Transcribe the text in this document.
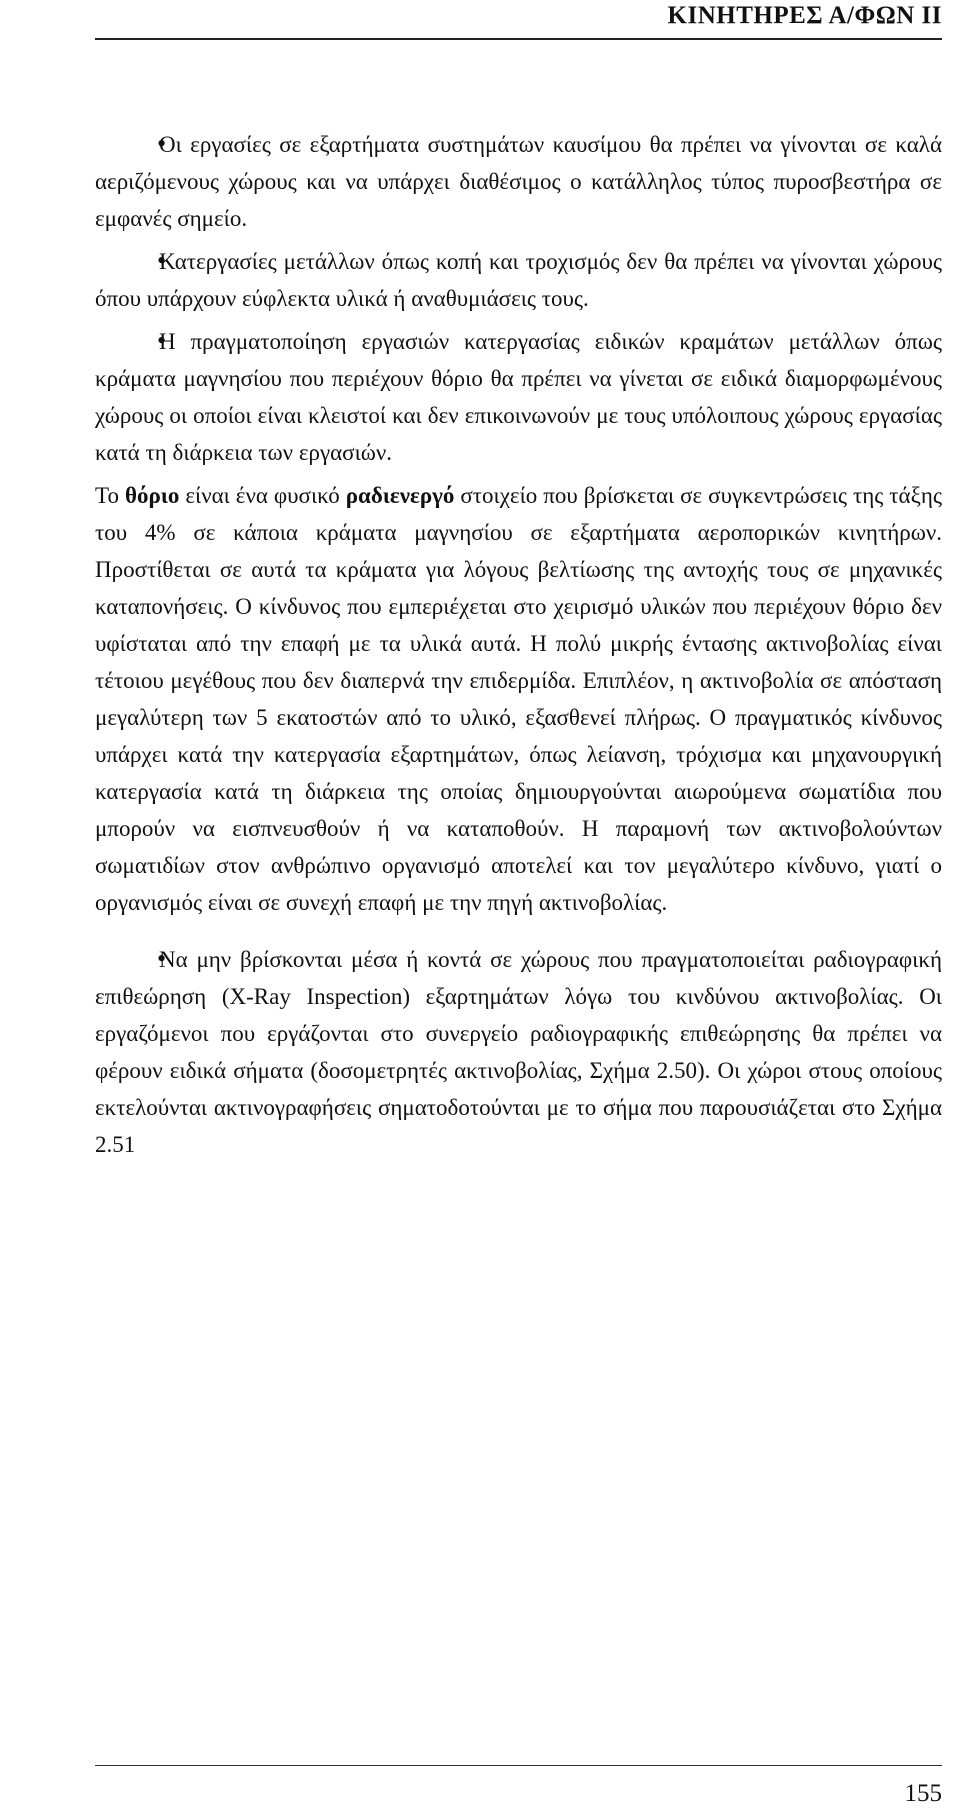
ΚΙΝΗΤΗΡΕΣ Α/ΦΩΝ ΙΙ

• Οι εργασίες σε εξαρτήματα συστημάτων καυσίμου θα πρέπει να γίνονται σε καλά αεριζόμενους χώρους και να υπάρχει διαθέσιμος ο κατάλληλος τύπος πυροσβεστήρα σε εμφανές σημείο.

• Κατεργασίες μετάλλων όπως κοπή και τροχισμός δεν θα πρέπει να γίνονται χώρους όπου υπάρχουν εύφλεκτα υλικά ή αναθυμιάσεις τους.

• Η πραγματοποίηση εργασιών κατεργασίας ειδικών κραμάτων μετάλλων όπως κράματα μαγνησίου που περιέχουν θόριο θα πρέπει να γίνεται σε ειδικά διαμορφωμένους χώρους οι οποίοι είναι κλειστοί και δεν επικοινωνούν με τους υπόλοιπους χώρους εργασίας κατά τη διάρκεια των εργασιών.

Το θόριο είναι ένα φυσικό ραδιενεργό στοιχείο που βρίσκεται σε συγκεντρώσεις της τάξης του 4% σε κάποια κράματα μαγνησίου σε εξαρτήματα αεροπορικών κινητήρων. Προστίθεται σε αυτά τα κράματα για λόγους βελτίωσης της αντοχής τους σε μηχανικές καταπονήσεις. Ο κίνδυνος που εμπεριέχεται στο χειρισμό υλικών που περιέχουν θόριο δεν υφίσταται από την επαφή με τα υλικά αυτά. Η πολύ μικρής έντασης ακτινοβολίας είναι τέτοιου μεγέθους που δεν διαπερνά την επιδερμίδα. Επιπλέον, η ακτινοβολία σε απόσταση μεγαλύτερη των 5 εκατοστών από το υλικό, εξασθενεί πλήρως. Ο πραγματικός κίνδυνος υπάρχει κατά την κατεργασία εξαρτημάτων, όπως λείανση, τρόχισμα και μηχανουργική κατεργασία κατά τη διάρκεια της οποίας δημιουργούνται αιωρούμενα σωματίδια που μπορούν να εισπνευσθούν ή να καταποθούν. Η παραμονή των ακτινοβολούντων σωματιδίων στον ανθρώπινο οργανισμό αποτελεί και τον μεγαλύτερο κίνδυνο, γιατί ο οργανισμός είναι σε συνεχή επαφή με την πηγή ακτινοβολίας.

• Να μην βρίσκονται μέσα ή κοντά σε χώρους που πραγματοποιείται ραδιογραφική επιθεώρηση (X-Ray Inspection) εξαρτημάτων λόγω του κινδύνου ακτινοβολίας. Οι εργαζόμενοι που εργάζονται στο συνεργείο ραδιογραφικής επιθεώρησης θα πρέπει να φέρουν ειδικά σήματα (δοσομετρητές ακτινοβολίας, Σχήμα 2.50). Οι χώροι στους οποίους εκτελούνται ακτινογραφήσεις σηματοδοτούνται με το σήμα που παρουσιάζεται στο Σχήμα 2.51

155
